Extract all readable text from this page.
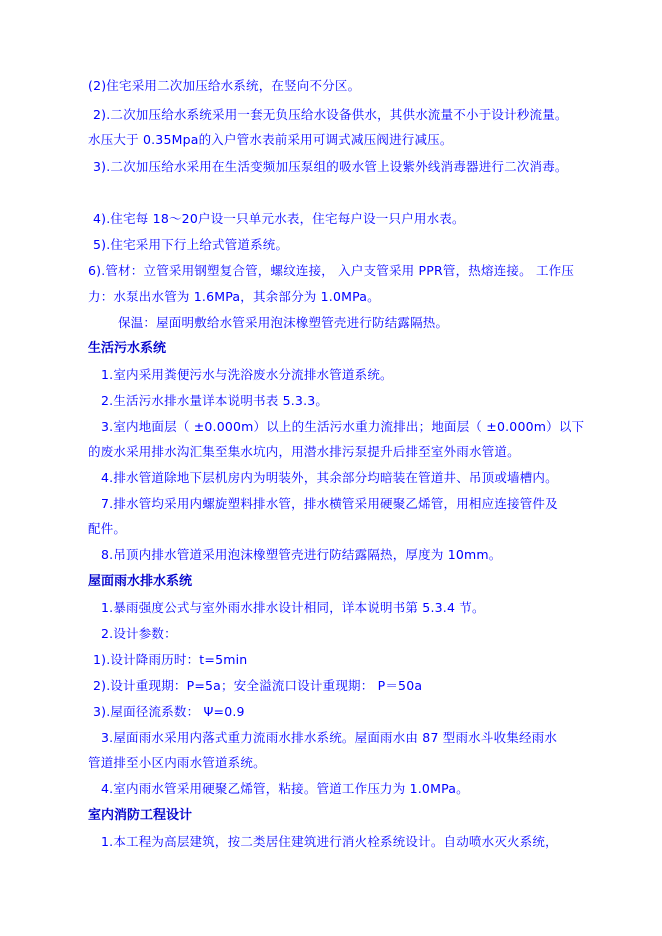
(2)住宅采用二次加压给水系统，在竖向不分区。
2).二次加压给水系统采用一套无负压给水设备供水，其供水流量不小于设计秒流量。
水压大于 0.35Mpa的入户管水表前采用可调式减压阀进行减压。
3).二次加压给水采用在生活变频加压泵组的吸水管上设紫外线消毒器进行二次消毒。
4).住宅每 18～20户设一只单元水表，住宅每户设一只户用水表。
5).住宅采用下行上给式管道系统。
6).管材：立管采用钢塑复合管，螺纹连接， 入户支管采用 PPR管，热熔连接。 工作压
力：水泵出水管为 1.6MPa，其余部分为 1.0MPa。
保温：屋面明敷给水管采用泡沫橡塑管壳进行防结露隔热。
生活污水系统
1.室内采用粪便污水与洗浴废水分流排水管道系统。
2.生活污水排水量详本说明书表 5.3.3。
3.室内地面层（ ±0.000m）以上的生活污水重力流排出；地面层（ ±0.000m）以下
的废水采用排水沟汇集至集水坑内，用潜水排污泵提升后排至室外雨水管道。
4.排水管道除地下层机房内为明装外，其余部分均暗装在管道井、吊顶或墙槽内。
7.排水管均采用内螺旋塑料排水管，排水横管采用硬聚乙烯管，用相应连接管件及
配件。
8.吊顶内排水管道采用泡沫橡塑管壳进行防结露隔热，厚度为 10mm。
屋面雨水排水系统
1.暴雨强度公式与室外雨水排水设计相同，详本说明书第 5.3.4 节。
2.设计参数：
1).设计降雨历时：t=5min
2).设计重现期：P=5a；安全溢流口设计重现期： P＝50a
3).屋面径流系数： Ψ=0.9
3.屋面雨水采用内落式重力流雨水排水系统。屋面雨水由 87 型雨水斗收集经雨水
管道排至小区内雨水管道系统。
4.室内雨水管采用硬聚乙烯管，粘接。管道工作压力为 1.0MPa。
室内消防工程设计
1.本工程为高层建筑，按二类居住建筑进行消火栓系统设计。自动喷水灭火系统，
